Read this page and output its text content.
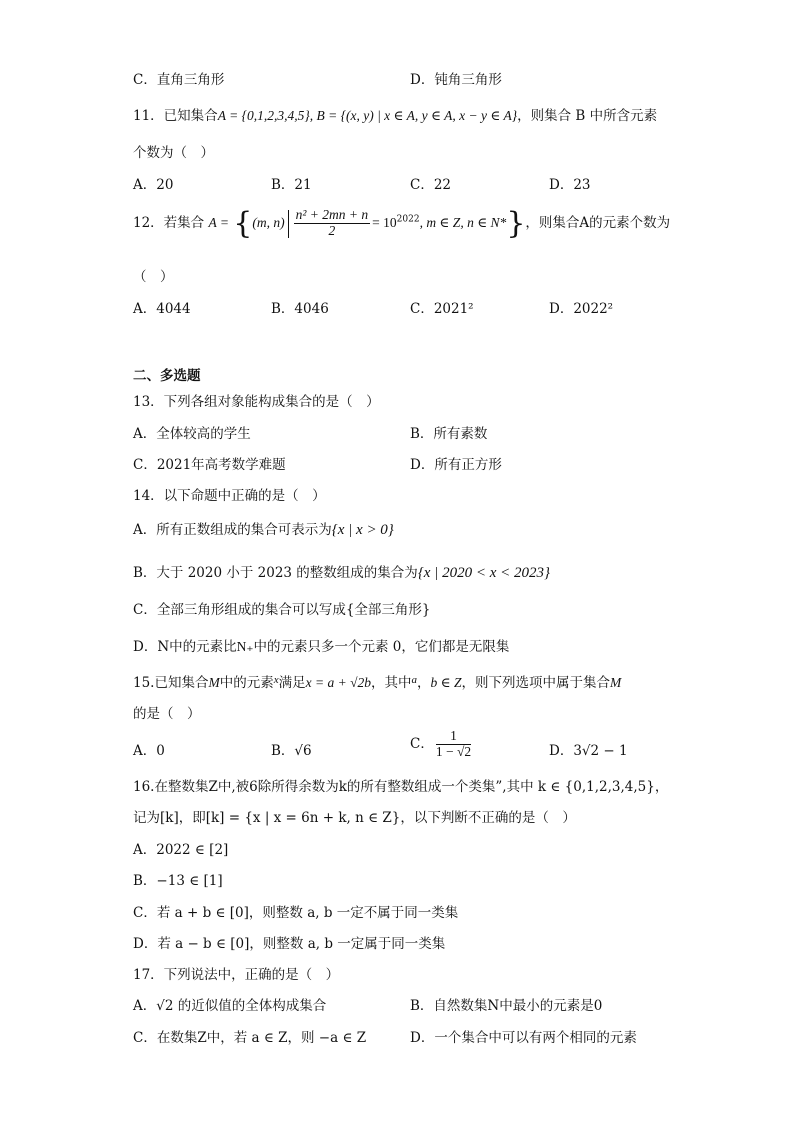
C．直角三角形	D．钝角三角形
11．已知集合A = {0,1,2,3,4,5}, B = {(x, y) | x ∈ A, y ∈ A, x − y ∈ A}，则集合 B 中所含元素
个数为（　）
A．20	B．21	C．22	D．23
12．若集合 A = {(m, $n) \frac{\text{n² + 2mn + n}}{2} = 10^{2022}$, m ∈ Z, n ∈ N*}，则集合A的元素个数为
（　）
A．4044	B．4046	C．2021²	D．2022²
二、多选题
13．下列各组对象能构成集合的是（　）
A．全体较高的学生	B．所有素数
C．2021年高考数学难题	D．所有正方形
14．以下命题中正确的是（　）
A．所有正数组成的集合可表示为{x | x > 0}
B．大于 2020 小于 2023 的整数组成的集合为{x | 2020 < x < 2023}
C．全部三角形组成的集合可以写成{全部三角形}
D．N中的元素比N₊中的元素只多一个元素 0，它们都是无限集
15.已知集合M中的元素$^x$满足x = a + √2b，其中$^a$，b ∈ Z，则下列选项中属于集合M
的是（　）
A．0	B．√6	C． $\frac{1}{1 - √2}$	D．3√2 − 1
16.在整数集Z中,被6除所得余数为k的所有整数组成一个类集”,其中 k ∈ {0,1,2,3,4,5}，
记为[k]，即[k] = {x | x = 6n + k, n ∈ Z}，以下判断不正确的是（　）
A．2022 ∈ [2]
B．−13 ∈ [1]
C．若 a + b ∈ [0]，则整数 a, b 一定不属于同一类集
D．若 a − b ∈ [0]，则整数 a, b 一定属于同一类集
17．下列说法中，正确的是（　）
A．√2 的近似值的全体构成集合	B．自然数集N中最小的元素是0
C．在数集Z中，若 a ∈ Z，则 −a ∈ Z	D．一个集合中可以有两个相同的元素
